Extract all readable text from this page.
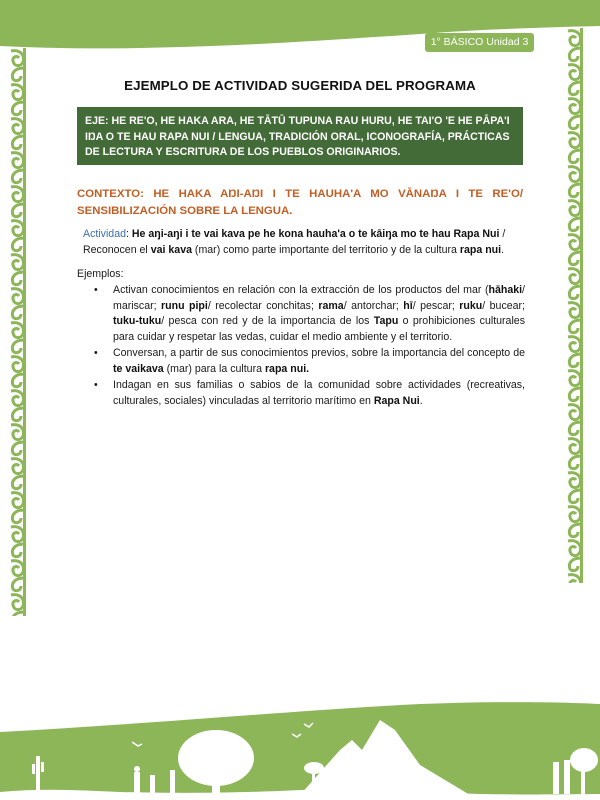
1° BÁSICO Unidad 3
EJEMPLO DE ACTIVIDAD SUGERIDA DEL PROGRAMA
EJE: HE RE'O, HE HAKA ARA, HE TĀTŪ TUPUNA RAU HURU, HE TAI'O 'E HE PĀPA'I IŊA O TE HAU RAPA NUI / LENGUA, TRADICIÓN ORAL, ICONOGRAFÍA, PRÁCTICAS DE LECTURA Y ESCRITURA DE LOS PUEBLOS ORIGINARIOS.
CONTEXTO: HE HAKA AŊI-AŊI I TE HAUHA'A MO VĀNAŊA I TE RE'O/ SENSIBILIZACIÓN SOBRE LA LENGUA.
Actividad: He aŋi-aŋi i te vai kava pe he kona hauha'a o te kāiŋa mo te hau Rapa Nui / Reconocen el vai kava (mar) como parte importante del territorio y de la cultura rapa nui.
Ejemplos:
• Activan conocimientos en relación con la extracción de los productos del mar (hāhaki/ mariscar; runu pipi/ recolectar conchitas; rama/ antorchar; hī/ pescar; ruku/ bucear; tuku-tuku/ pesca con red y de la importancia de los Tapu o prohibiciones culturales para cuidar y respetar las vedas, cuidar el medio ambiente y el territorio.
• Conversan, a partir de sus conocimientos previos, sobre la importancia del concepto de te vaikava (mar) para la cultura rapa nui.
• Indagan en sus familias o sabios de la comunidad sobre actividades (recreativas, culturales, sociales) vinculadas al territorio marítimo en Rapa Nui.
